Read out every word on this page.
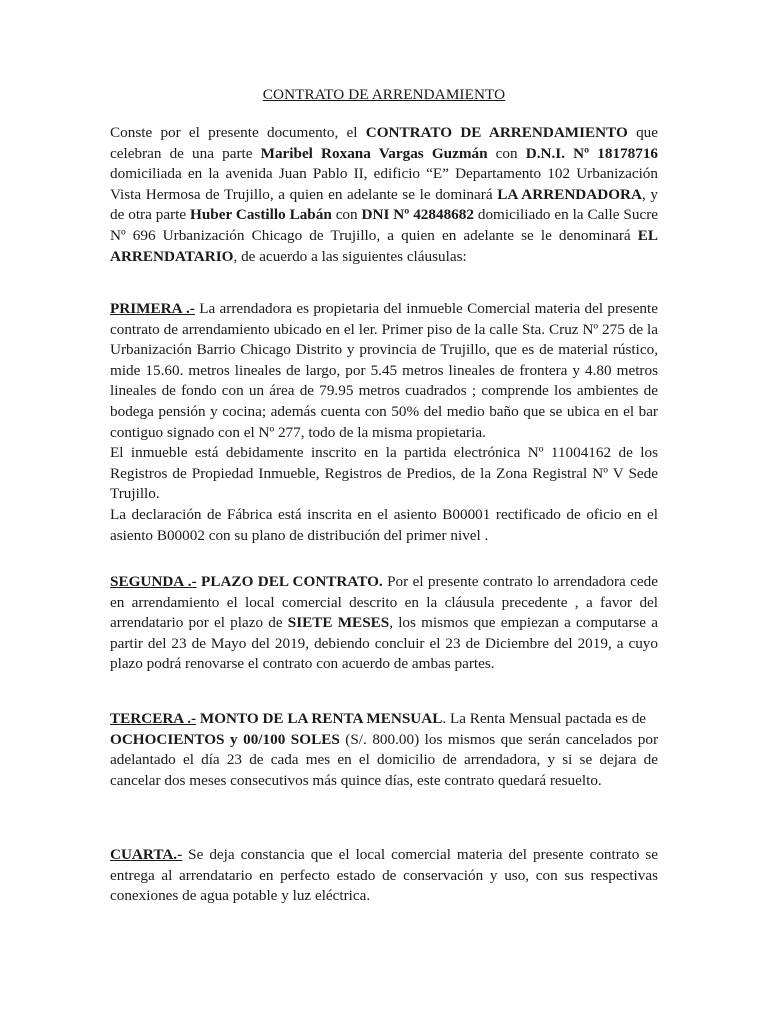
CONTRATO DE ARRENDAMIENTO

Conste por el presente documento, el CONTRATO DE ARRENDAMIENTO que celebran de una parte Maribel Roxana Vargas Guzmán con D.N.I. Nº 18178716 domiciliada en la avenida Juan Pablo II, edificio “E” Departamento 102 Urbanización Vista Hermosa de Trujillo, a quien en adelante se le dominará LA ARRENDADORA, y de otra parte Huber Castillo Labán con DNI Nº 42848682 domiciliado en la Calle Sucre Nº 696 Urbanización Chicago de Trujillo, a quien en adelante se le denominará EL ARRENDATARIO, de acuerdo a las siguientes cláusulas:

PRIMERA .- La arrendadora es propietaria del inmueble Comercial materia del presente contrato de arrendamiento ubicado en el ler. Primer piso de la calle Sta. Cruz Nº 275 de la Urbanización Barrio Chicago Distrito y provincia de Trujillo, que es de material rústico, mide 15.60. metros lineales de largo, por 5.45 metros lineales de frontera y 4.80 metros lineales de fondo con un área de 79.95 metros cuadrados ; comprende los ambientes de bodega pensión y cocina; además cuenta con 50% del medio baño que se ubica en el bar contiguo signado con el Nº 277, todo de la misma propietaria.

El inmueble está debidamente inscrito en la partida electrónica Nº 11004162 de los Registros de Propiedad Inmueble, Registros de Predios, de la Zona Registral Nº V Sede Trujillo.

La declaración de Fábrica está inscrita en el asiento B00001 rectificado de oficio en el asiento B00002 con su plano de distribución del primer nivel .

SEGUNDA .- PLAZO DEL CONTRATO. Por el presente contrato lo arrendadora cede en arrendamiento el local comercial descrito en la cláusula precedente , a favor del arrendatario por el plazo de SIETE MESES, los mismos que empiezan a computarse a partir del 23 de Mayo del 2019, debiendo concluir el 23 de Diciembre del 2019, a cuyo plazo podrá renovarse el contrato con acuerdo de ambas partes.

TERCERA .- MONTO DE LA RENTA MENSUAL. La Renta Mensual pactada es de

OCHOCIENTOS y 00/100 SOLES (S/. 800.00) los mismos que serán cancelados por adelantado el día 23 de cada mes en el domicilio de arrendadora, y si se dejara de cancelar dos meses consecutivos más quince días, este contrato quedará resuelto.

CUARTA.- Se deja constancia que el local comercial materia del presente contrato se entrega al arrendatario en perfecto estado de conservación y uso, con sus respectivas conexiones de agua potable y luz eléctrica.
